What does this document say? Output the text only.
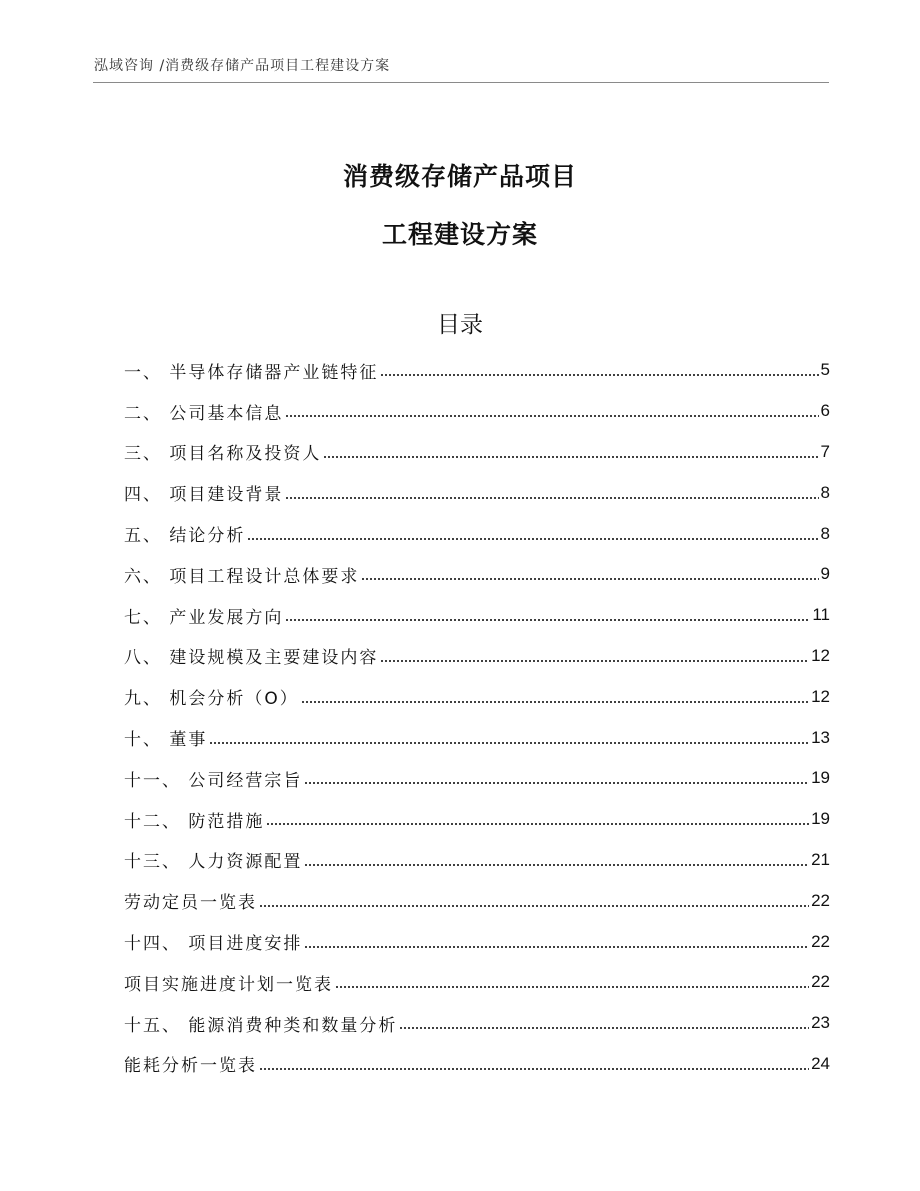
泓域咨询 /消费级存储产品项目工程建设方案
消费级存储产品项目
工程建设方案
目录
一、 半导体存储器产业链特征	5
二、 公司基本信息	6
三、 项目名称及投资人	7
四、 项目建设背景	8
五、 结论分析	8
六、 项目工程设计总体要求	9
七、 产业发展方向	11
八、 建设规模及主要建设内容	12
九、 机会分析（O）	12
十、 董事	13
十一、 公司经营宗旨	19
十二、 防范措施	19
十三、 人力资源配置	21
劳动定员一览表	22
十四、 项目进度安排	22
项目实施进度计划一览表	22
十五、 能源消费种类和数量分析	23
能耗分析一览表	24
